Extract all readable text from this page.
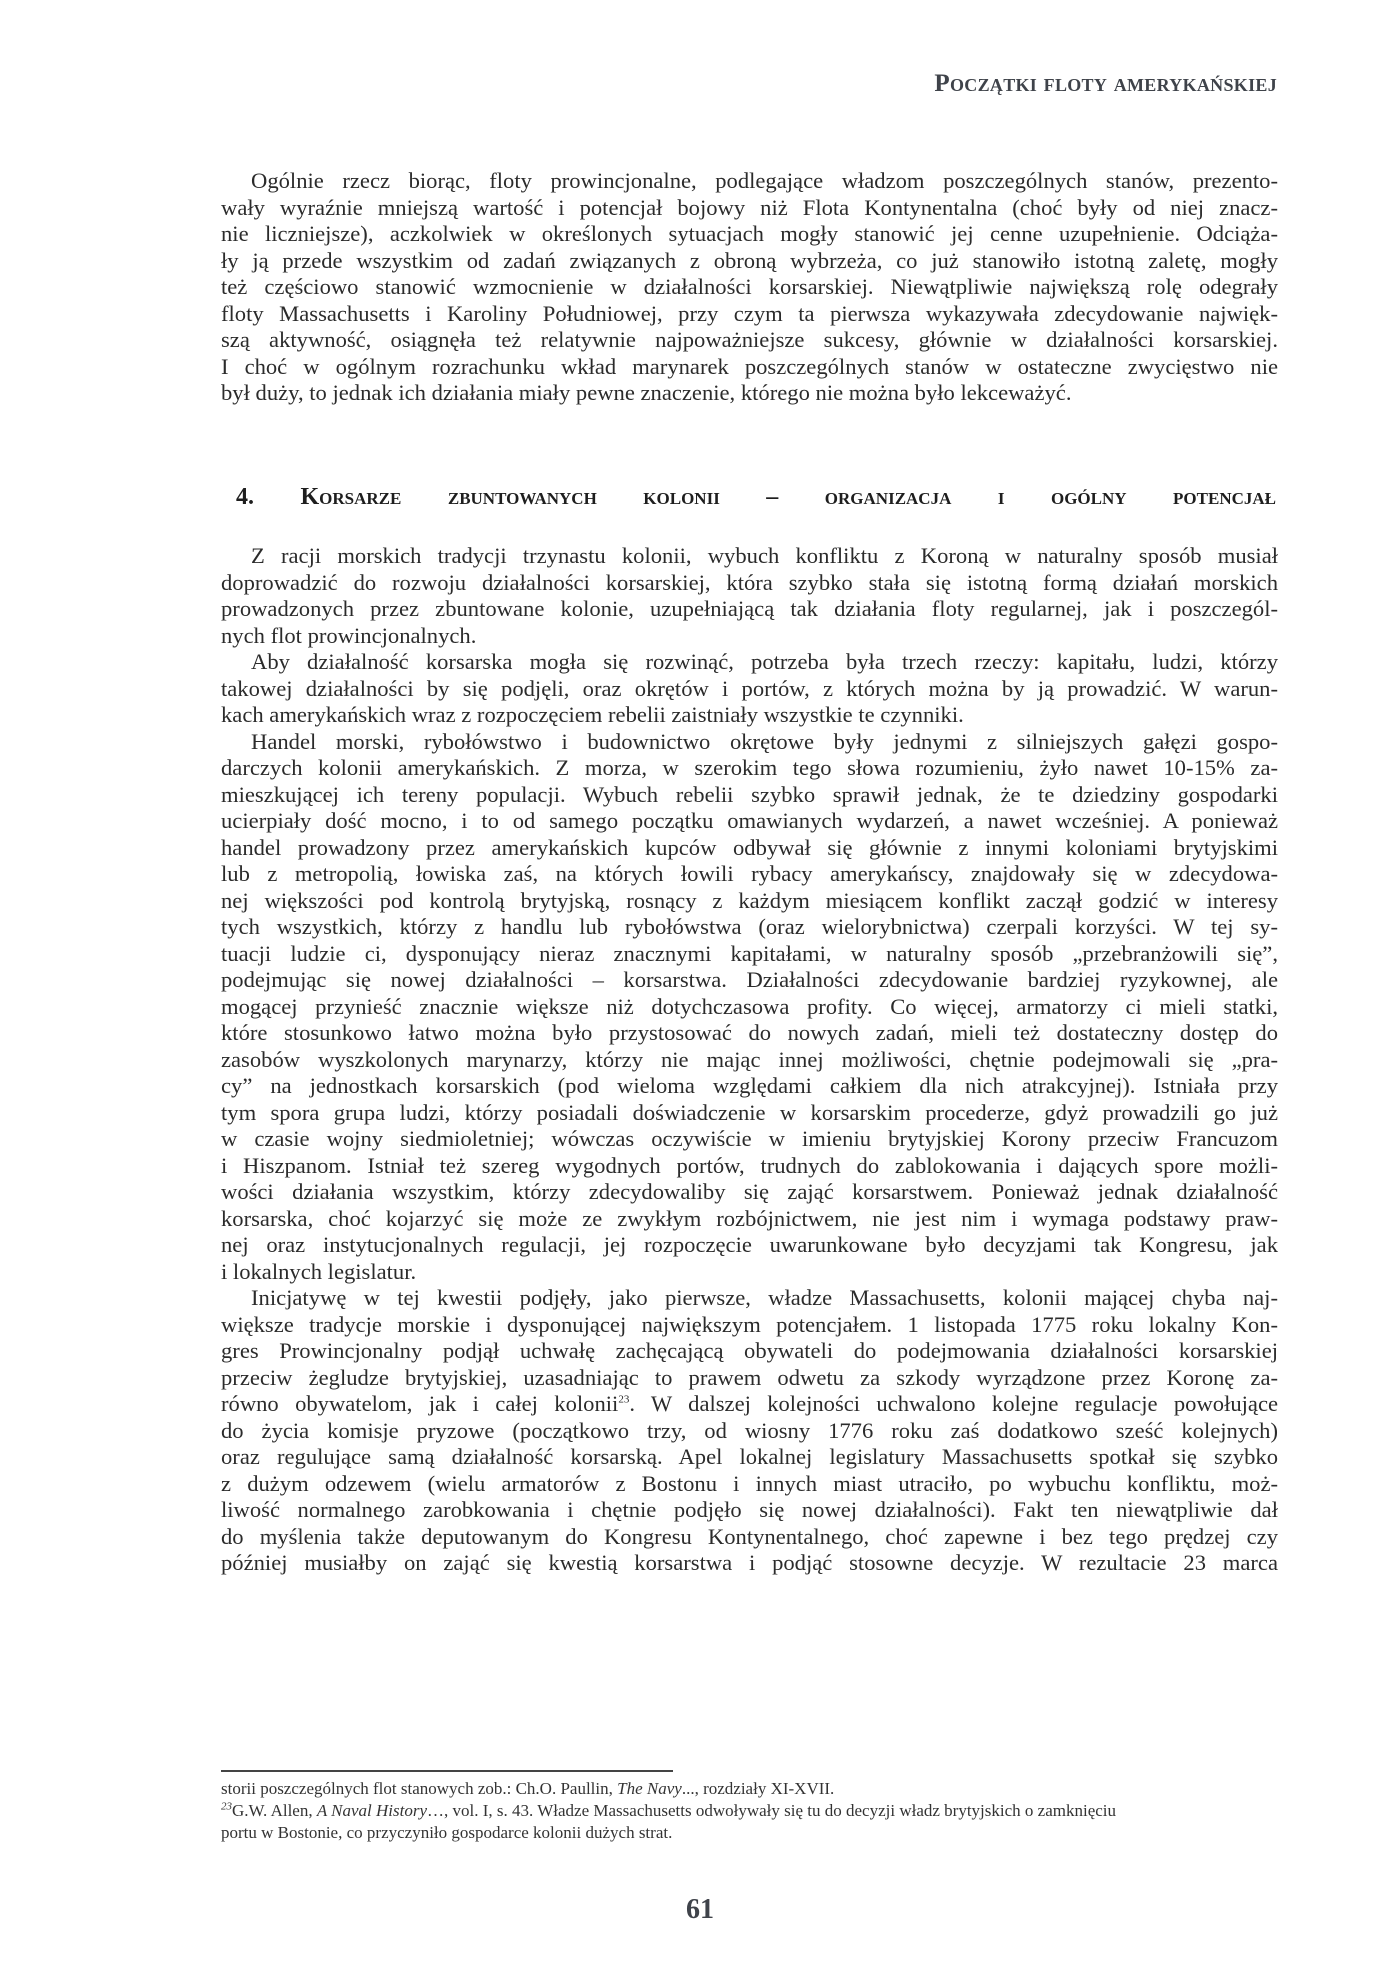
Początki floty amerykańskiej
Ogólnie rzecz biorąc, floty prowincjonalne, podlegające władzom poszczególnych stanów, prezento-
wały wyraźnie mniejszą wartość i potencjał bojowy niż Flota Kontynentalna (choć były od niej znacz-
nie liczniejsze), aczkolwiek w określonych sytuacjach mogły stanowić jej cenne uzupełnienie. Odciąża-
ły ją przede wszystkim od zadań związanych z obroną wybrzeża, co już stanowiło istotną zaletę, mogły
też częściowo stanowić wzmocnienie w działalności korsarskiej. Niewątpliwie największą rolę odegrały
floty Massachusetts i Karoliny Południowej, przy czym ta pierwsza wykazywała zdecydowanie najwięk-
szą aktywność, osiągnęła też relatywnie najpoważniejsze sukcesy, głównie w działalności korsarskiej.
I choć w ogólnym rozrachunku wkład marynarek poszczególnych stanów w ostateczne zwycięstwo nie
był duży, to jednak ich działania miały pewne znaczenie, którego nie można było lekceważyć.
4. Korsarze zbuntowanych kolonii – organizacja i ogólny potencjał
Z racji morskich tradycji trzynastu kolonii, wybuch konfliktu z Koroną w naturalny sposób musiał
doprowadzić do rozwoju działalności korsarskiej, która szybko stała się istotną formą działań morskich
prowadzonych przez zbuntowane kolonie, uzupełniającą tak działania floty regularnej, jak i poszczegól-
nych flot prowincjonalnych.
Aby działalność korsarska mogła się rozwinąć, potrzeba była trzech rzeczy: kapitału, ludzi, którzy
takowej działalności by się podjęli, oraz okrętów i portów, z których można by ją prowadzić. W warun-
kach amerykańskich wraz z rozpoczęciem rebelii zaistniały wszystkie te czynniki.
Handel morski, rybołówstwo i budownictwo okrętowe były jednymi z silniejszych gałęzi gospo-
darczych kolonii amerykańskich. Z morza, w szerokim tego słowa rozumieniu, żyło nawet 10-15% za-
mieszkującej ich tereny populacji. Wybuch rebelii szybko sprawił jednak, że te dziedziny gospodarki
ucierpiały dość mocno, i to od samego początku omawianych wydarzeń, a nawet wcześniej. A ponieważ
handel prowadzony przez amerykańskich kupców odbywał się głównie z innymi koloniami brytyjskimi
lub z metropolią, łowiska zaś, na których łowili rybacy amerykańscy, znajdowały się w zdecydowa-
nej większości pod kontrolą brytyjską, rosnący z każdym miesiącem konflikt zaczął godzić w interesy
tych wszystkich, którzy z handlu lub rybołówstwa (oraz wielorybnictwa) czerpali korzyści. W tej sy-
tuacji ludzie ci, dysponujący nieraz znacznymi kapitałami, w naturalny sposób „przebranżowili się”,
podejmując się nowej działalności – korsarstwa. Działalności zdecydowanie bardziej ryzykownej, ale
mogącej przynieść znacznie większe niż dotychczasowa profity. Co więcej, armatorzy ci mieli statki,
które stosunkowo łatwo można było przystosować do nowych zadań, mieli też dostateczny dostęp do
zasobów wyszkolonych marynarzy, którzy nie mając innej możliwości, chętnie podejmowali się „pra-
cy” na jednostkach korsarskich (pod wieloma względami całkiem dla nich atrakcyjnej). Istniała przy
tym spora grupa ludzi, którzy posiadali doświadczenie w korsarskim procederze, gdyż prowadzili go już
w czasie wojny siedmioletniej; wówczas oczywiście w imieniu brytyjskiej Korony przeciw Francuzom
i Hiszpanom. Istniał też szereg wygodnych portów, trudnych do zablokowania i dających spore możli-
wości działania wszystkim, którzy zdecydowaliby się zająć korsarstwem. Ponieważ jednak działalność
korsarska, choć kojarzyć się może ze zwykłym rozbójnictwem, nie jest nim i wymaga podstawy praw-
nej oraz instytucjonalnych regulacji, jej rozpoczęcie uwarunkowane było decyzjami tak Kongresu, jak
i lokalnych legislatur.
Inicjatywę w tej kwestii podjęły, jako pierwsze, władze Massachusetts, kolonii mającej chyba naj-
większe tradycje morskie i dysponującej największym potencjałem. 1 listopada 1775 roku lokalny Kon-
gres Prowincjonalny podjął uchwałę zachęcającą obywateli do podejmowania działalności korsarskiej
przeciw żegludze brytyjskiej, uzasadniając to prawem odwetu za szkody wyrządzone przez Koronę za-
równo obywatelom, jak i całej kolonii$^{23}$. W dalszej kolejności uchwalono kolejne regulacje powołujące
do życia komisje pryzowe (początkowo trzy, od wiosny 1776 roku zaś dodatkowo sześć kolejnych)
oraz regulujące samą działalność korsarską. Apel lokalnej legislatury Massachusetts spotkał się szybko
z dużym odzewem (wielu armatorów z Bostonu i innych miast utraciło, po wybuchu konfliktu, moż-
liwość normalnego zarobkowania i chętnie podjęło się nowej działalności). Fakt ten niewątpliwie dał
do myślenia także deputowanym do Kongresu Kontynentalnego, choć zapewne i bez tego prędzej czy
później musiałby on zająć się kwestią korsarstwa i podjąć stosowne decyzje. W rezultacie 23 marca
storii poszczególnych flot stanowych zob.: Ch.O. Paullin, The Navy..., rozdziały XI-XVII.
$^{23}$G.W. Allen, A Naval History…, vol. I, s. 43. Władze Massachusetts odwoływały się tu do decyzji władz brytyjskich o zamknięciu
portu w Bostonie, co przyczyniło gospodarce kolonii dużych strat.
61
